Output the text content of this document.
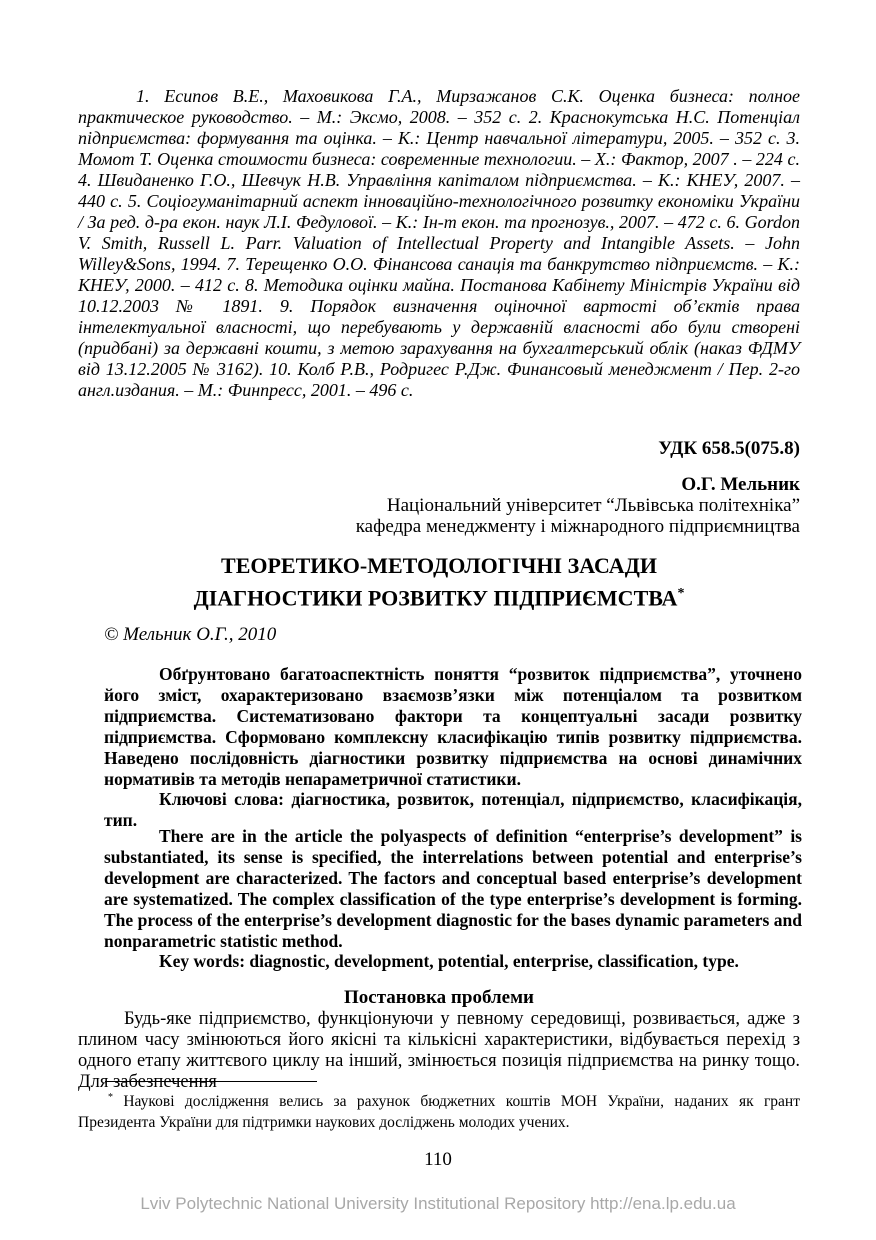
1. Есипов В.Е., Маховикова Г.А., Мирзажанов С.К. Оценка бизнеса: полное практическое руководство. – М.: Эксмо, 2008. – 352 с. 2. Краснокутська Н.С. Потенціал підприємства: формування та оцінка. – К.: Центр навчальної літератури, 2005. – 352 с. 3. Момот Т. Оценка стоимости бизнеса: современные технологии. – Х.: Фактор, 2007 . – 224 с. 4. Швиданенко Г.О., Шевчук Н.В. Управління капіталом підприємства. – К.: КНЕУ, 2007. – 440 с. 5. Соціогуманітарний аспект інноваційно-технологічного розвитку економіки України / За ред. д-ра екон. наук Л.І. Федулової. – К.: Ін-т екон. та прогнозув., 2007. – 472 с. 6. Gordon V. Smith, Russell L. Parr. Valuation of Intellectual Property and Intangible Assets. – John Willey&Sons, 1994. 7. Терещенко О.О. Фінансова санація та банкрутство підприємств. – К.: КНЕУ, 2000. – 412 с. 8. Методика оцінки майна. Постанова Кабінету Міністрів України від 10.12.2003 № 1891. 9. Порядок визначення оціночної вартості об’єктів права інтелектуальної власності, що перебувають у державній власності або були створені (придбані) за державні кошти, з метою зарахування на бухгалтерський облік (наказ ФДМУ від 13.12.2005 № 3162). 10. Колб Р.В., Родригес Р.Дж. Финансовый менеджмент / Пер. 2-го англ.издания. – М.: Финпресс, 2001. – 496 с.

УДК 658.5(075.8)

О.Г. Мельник

Національний університет “Львівська політехніка”

кафедра менеджменту і міжнародного підприємництва

ТЕОРЕТИКО-МЕТОДОЛОГІЧНІ ЗАСАДИ
ДІАГНОСТИКИ РОЗВИТКУ ПІДПРИЄМСТВА*

© Мельник О.Г., 2010

Обґрунтовано багатоаспектність поняття “розвиток підприємства”, уточнено його зміст, охарактеризовано взаємозв’язки між потенціалом та розвитком підприємства. Систематизовано фактори та концептуальні засади розвитку підприємства. Сформовано комплексну класифікацію типів розвитку підприємства. Наведено послідовність діагностики розвитку підприємства на основі динамічних нормативів та методів непараметричної статистики.

Ключові слова: діагностика, розвиток, потенціал, підприємство, класифікація, тип.

There are in the article the polyaspects of definition “enterprise’s development” is substantiated, its sense is specified, the interrelations between potential and enterprise’s development are characterized. The factors and conceptual based enterprise’s development are systematized. The complex classification of the type enterprise’s development is forming. The process of the enterprise’s development diagnostic for the bases dynamic parameters and nonparametric statistic method.

Key words: diagnostic, development, potential, enterprise, classification, type.

Постановка проблеми

Будь-яке підприємство, функціонуючи у певному середовищі, розвивається, адже з плином часу змінюються його якісні та кількісні характеристики, відбувається перехід з одного етапу життєвого циклу на інший, змінюється позиція підприємства на ринку тощо. Для забезпечення

* Наукові дослідження велись за рахунок бюджетних коштів МОН України, наданих як грант Президента України для підтримки наукових досліджень молодих учених.

110

Lviv Polytechnic National University Institutional Repository http://ena.lp.edu.ua
